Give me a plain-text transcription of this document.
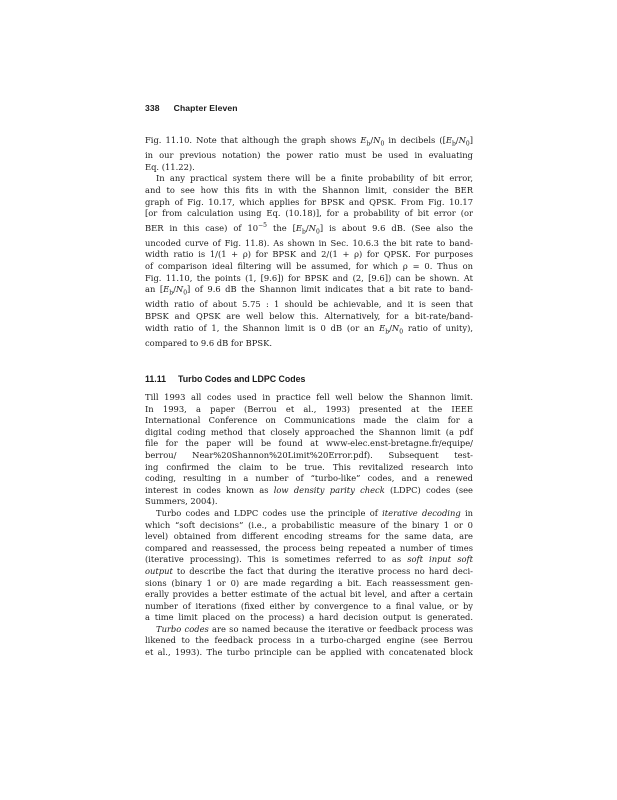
338 Chapter Eleven

Fig. 11.10. Note that although the graph shows $E_b/N_0$ in decibels ($[E_b/N_0]$

in our previous notation) the power ratio must be used in evaluating

Eq. (11.22).

In any practical system there will be a finite probability of bit error,

and to see how this fits in with the Shannon limit, consider the BER

graph of Fig. 10.17, which applies for BPSK and QPSK. From Fig. 10.17

[or from calculation using Eq. (10.18)], for a probability of bit error (or

BER in this case) of $10^{-5}$ the $[E_b/N_0]$ is about 9.6 dB. (See also the

uncoded curve of Fig. 11.8). As shown in Sec. 10.6.3 the bit rate to band-

width ratio is 1/(1 + ρ) for BPSK and 2/(1 + ρ) for QPSK. For purposes

of comparison ideal filtering will be assumed, for which ρ = 0. Thus on

Fig. 11.10, the points (1, [9.6]) for BPSK and (2, [9.6]) can be shown. At

an $[E_b/N_0]$ of 9.6 dB the Shannon limit indicates that a bit rate to band-

width ratio of about 5.75 : 1 should be achievable, and it is seen that

BPSK and QPSK are well below this. Alternatively, for a bit-rate/band-

width ratio of 1, the Shannon limit is 0 dB (or an $E_b/N_0$ ratio of unity),

compared to 9.6 dB for BPSK.

11.11 Turbo Codes and LDPC Codes

Till 1993 all codes used in practice fell well below the Shannon limit.

In 1993, a paper (Berrou et al., 1993) presented at the IEEE

International Conference on Communications made the claim for a

digital coding method that closely approached the Shannon limit (a pdf

file for the paper will be found at www-elec.enst-bretagne.fr/equipe/

berrou/ Near%20Shannon%20Limit%20Error.pdf). Subsequent test-

ing confirmed the claim to be true. This revitalized research into

coding, resulting in a number of “turbo-like” codes, and a renewed

interest in codes known as low density parity check (LDPC) codes (see

Summers, 2004).

Turbo codes and LDPC codes use the principle of iterative decoding in

which “soft decisions” (i.e., a probabilistic measure of the binary 1 or 0

level) obtained from different encoding streams for the same data, are

compared and reassessed, the process being repeated a number of times

(iterative processing). This is sometimes referred to as soft input soft

output to describe the fact that during the iterative process no hard deci-

sions (binary 1 or 0) are made regarding a bit. Each reassessment gen-

erally provides a better estimate of the actual bit level, and after a certain

number of iterations (fixed either by convergence to a final value, or by

a time limit placed on the process) a hard decision output is generated.

Turbo codes are so named because the iterative or feedback process was

likened to the feedback process in a turbo-charged engine (see Berrou

et al., 1993). The turbo principle can be applied with concatenated block
